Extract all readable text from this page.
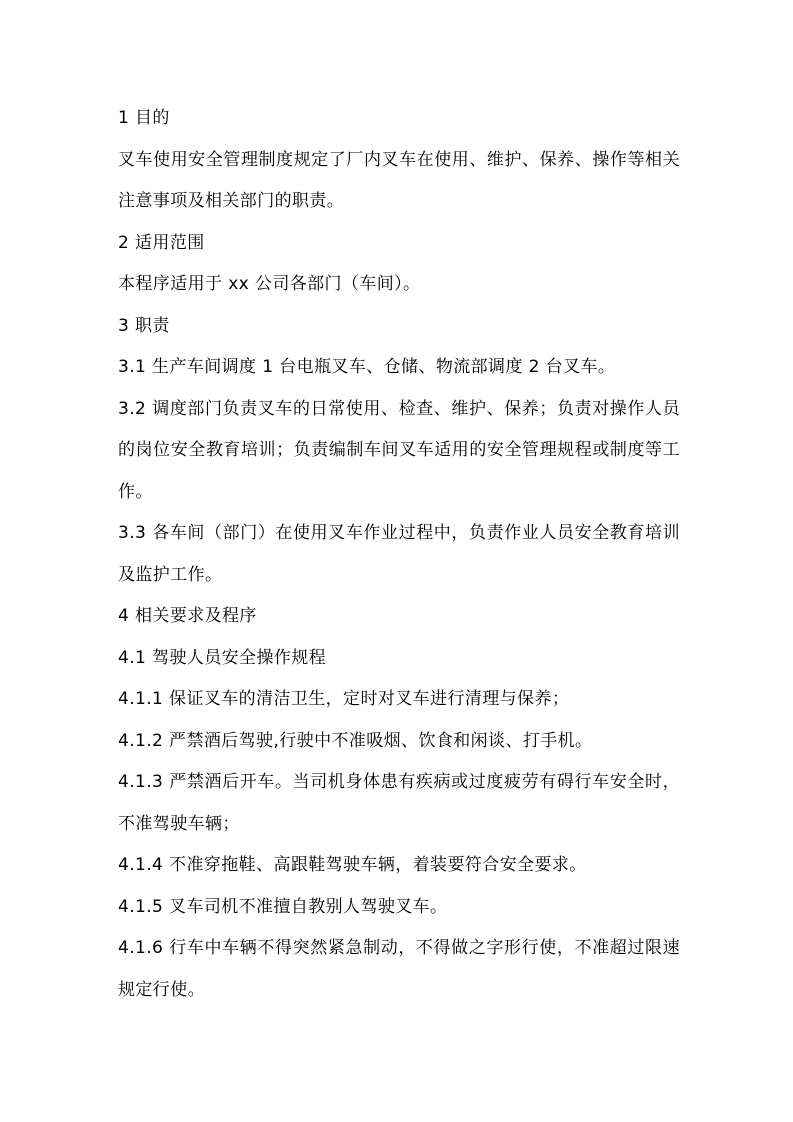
1 目的

叉车使用安全管理制度规定了厂内叉车在使用、维护、保养、操作等相关注意事项及相关部门的职责。

2 适用范围

本程序适用于 xx 公司各部门（车间）。

3 职责

3.1 生产车间调度 1 台电瓶叉车、仓储、物流部调度 2 台叉车。

3.2 调度部门负责叉车的日常使用、检查、维护、保养；负责对操作人员的岗位安全教育培训；负责编制车间叉车适用的安全管理规程或制度等工作。

3.3 各车间（部门）在使用叉车作业过程中，负责作业人员安全教育培训及监护工作。

4 相关要求及程序

4.1 驾驶人员安全操作规程

4.1.1 保证叉车的清洁卫生，定时对叉车进行清理与保养；

4.1.2 严禁酒后驾驶,行驶中不准吸烟、饮食和闲谈、打手机。

4.1.3 严禁酒后开车。当司机身体患有疾病或过度疲劳有碍行车安全时，不准驾驶车辆；

4.1.4 不准穿拖鞋、高跟鞋驾驶车辆，着装要符合安全要求。

4.1.5 叉车司机不准擅自教别人驾驶叉车。

4.1.6 行车中车辆不得突然紧急制动，不得做之字形行使，不准超过限速规定行使。
